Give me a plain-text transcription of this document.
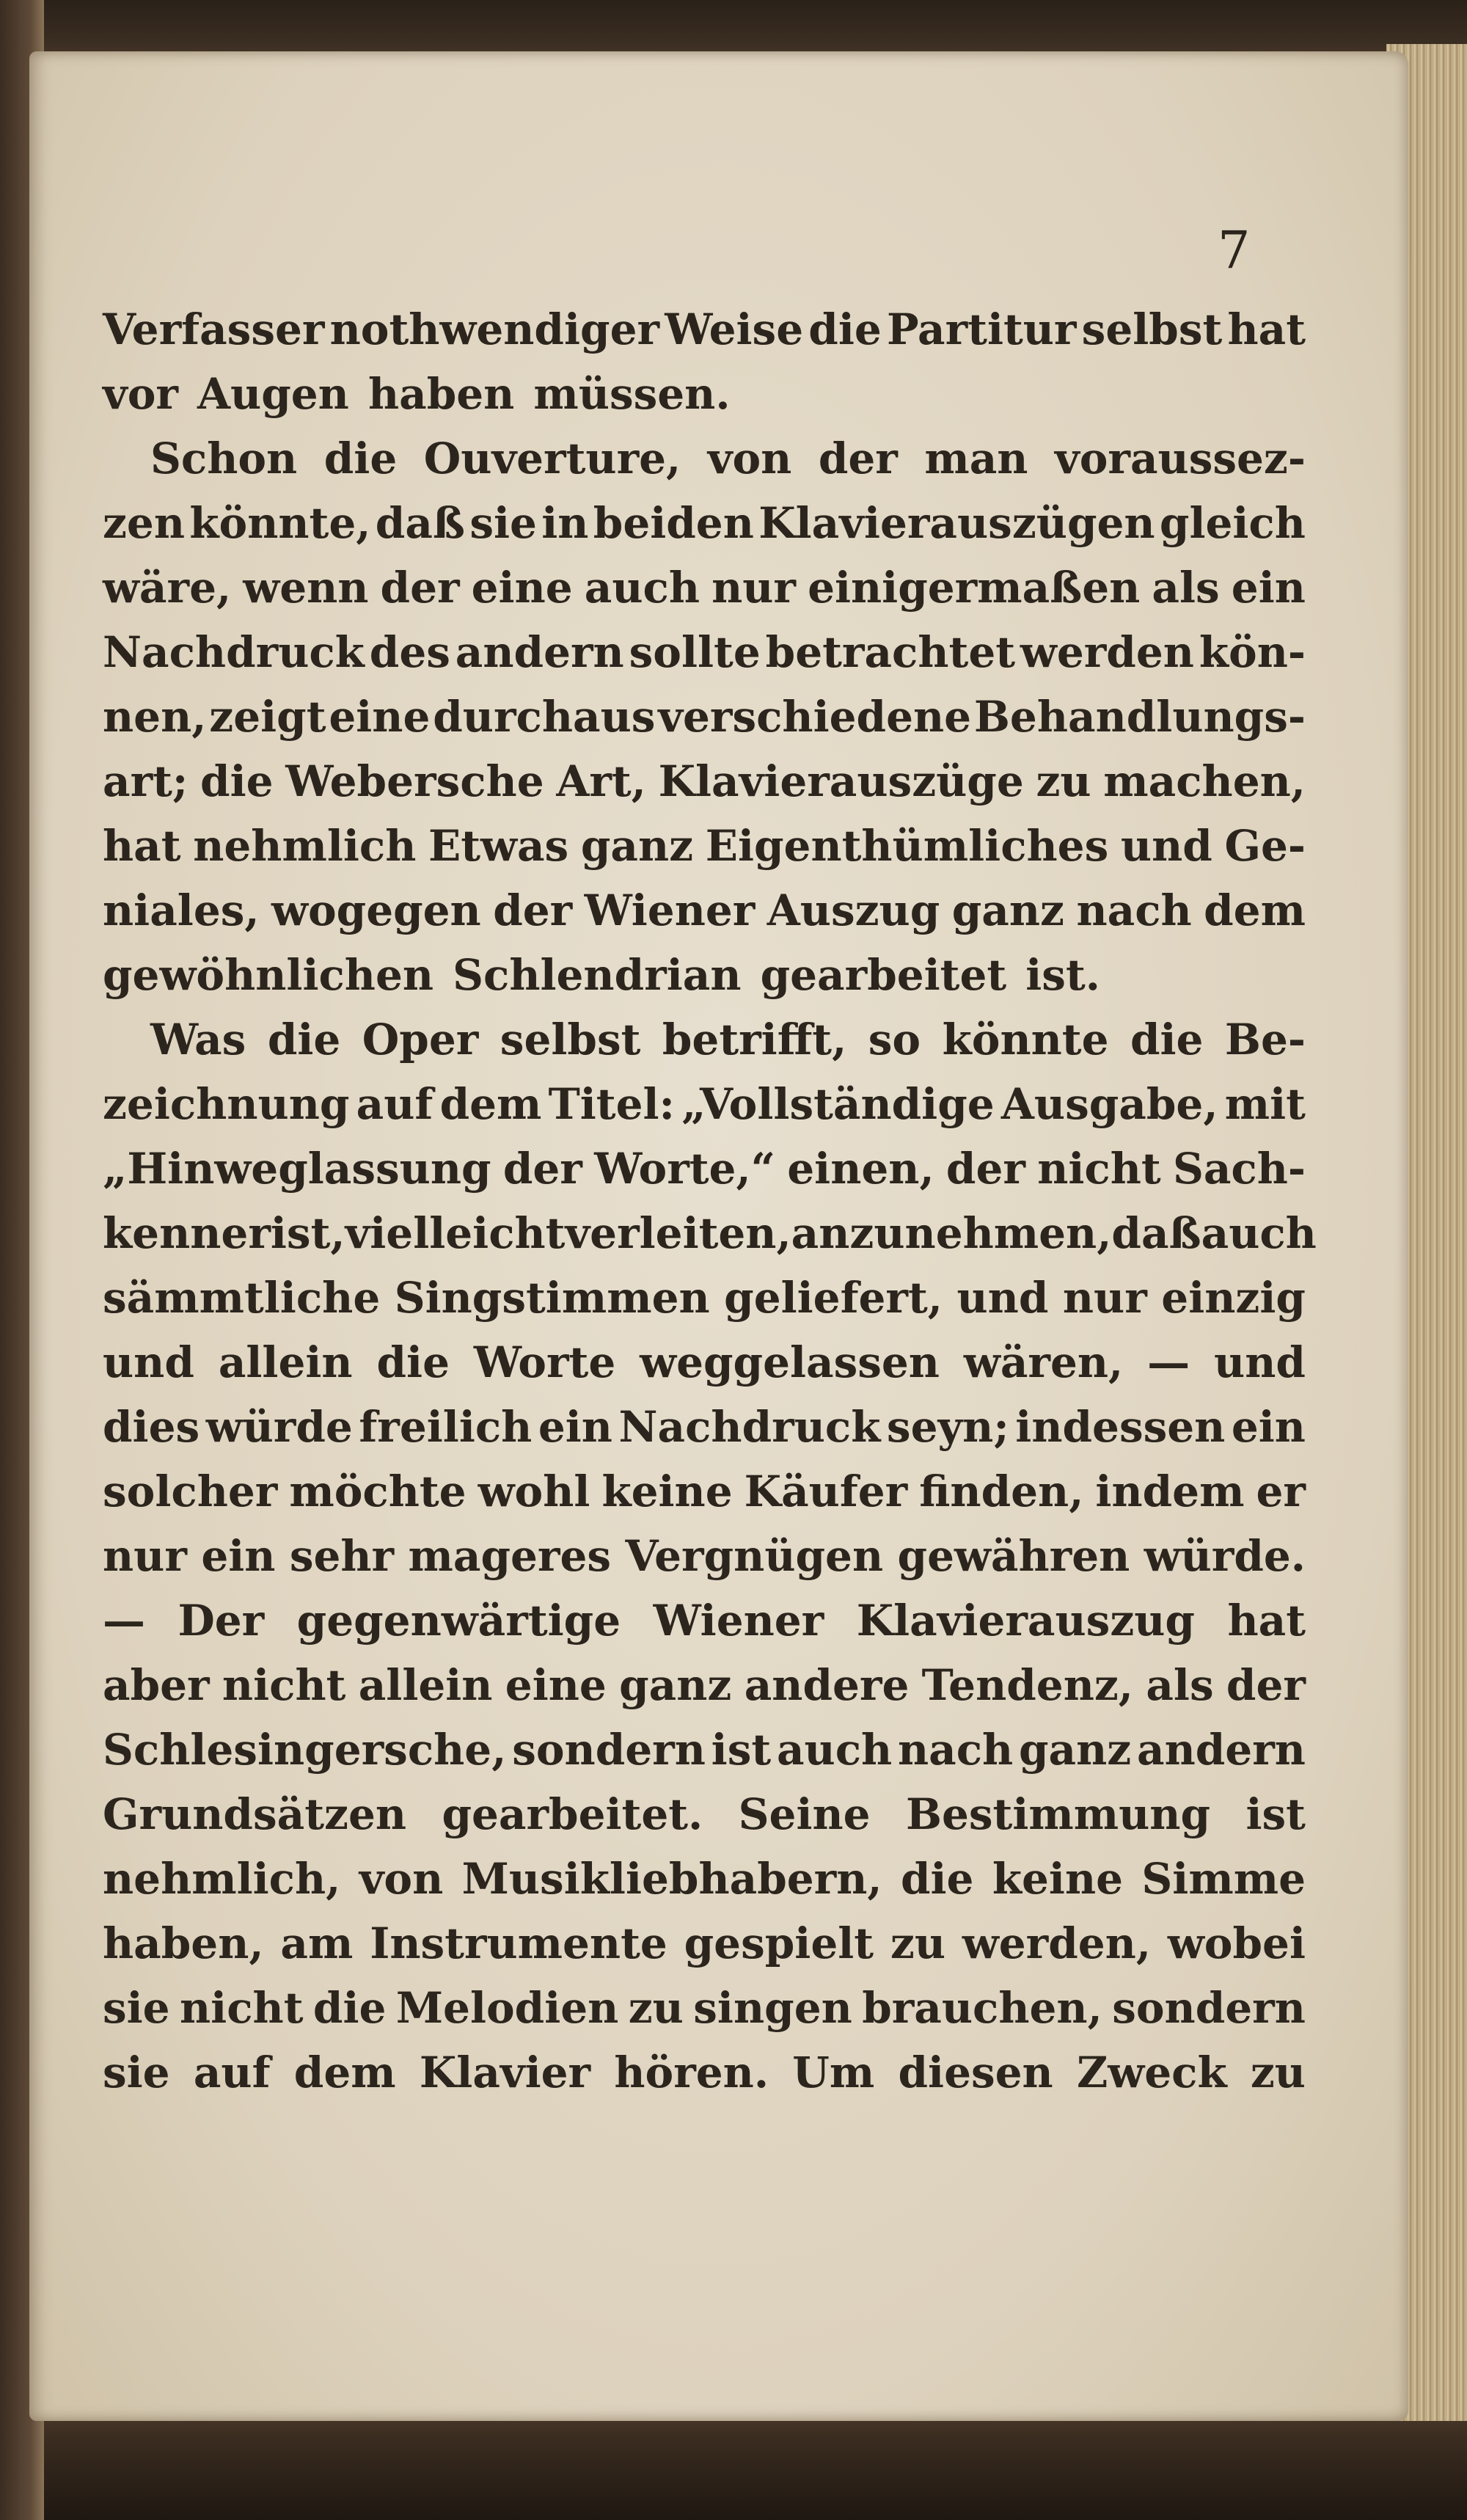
7
Verfasser nothwendiger Weise die Partitur selbst hat
vor Augen haben müssen.
Schon die Ouverture, von der man voraussez-
zen könnte, daß sie in beiden Klavierauszügen gleich
wäre, wenn der eine auch nur einigermaßen als ein
Nachdruck des andern sollte betrachtet werden kön-
nen, zeigt eine durchaus verschiedene Behandlungs-
art; die Webersche Art, Klavierauszüge zu machen,
hat nehmlich Etwas ganz Eigenthümliches und Ge-
niales, wogegen der Wiener Auszug ganz nach dem
gewöhnlichen Schlendrian gearbeitet ist.
Was die Oper selbst betrifft, so könnte die Be-
zeichnung auf dem Titel: „Vollständige Ausgabe, mit
„Hinweglassung der Worte,“ einen, der nicht Sach-
kenner ist, vielleicht verleiten, anzunehmen, daß auch
sämmtliche Singstimmen geliefert, und nur einzig
und allein die Worte weggelassen wären, — und
dies würde freilich ein Nachdruck seyn; indessen ein
solcher möchte wohl keine Käufer finden, indem er
nur ein sehr mageres Vergnügen gewähren würde.
— Der gegenwärtige Wiener Klavierauszug hat
aber nicht allein eine ganz andere Tendenz, als der
Schlesingersche, sondern ist auch nach ganz andern
Grundsätzen gearbeitet. Seine Bestimmung ist
nehmlich, von Musikliebhabern, die keine Simme
haben, am Instrumente gespielt zu werden, wobei
sie nicht die Melodien zu singen brauchen, sondern
sie auf dem Klavier hören. Um diesen Zweck zu
